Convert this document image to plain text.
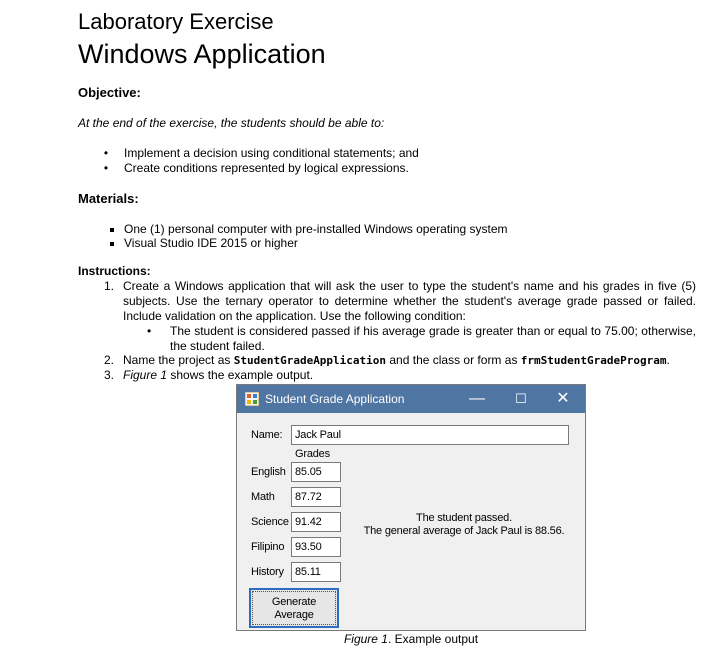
Laboratory Exercise
Windows Application
Objective:
At the end of the exercise, the students should be able to:
•	Implement a decision using conditional statements; and
•	Create conditions represented by logical expressions.
Materials:
One (1) personal computer with pre-installed Windows operating system
Visual Studio IDE 2015 or higher
Instructions:
1. Create a Windows application that will ask the user to type the student's name and his grades in five (5) subjects. Use the ternary operator to determine whether the student's average grade passed or failed. Include validation on the application. Use the following condition:
• The student is considered passed if his average grade is greater than or equal to 75.00; otherwise, the student failed.
2. Name the project as StudentGradeApplication and the class or form as frmStudentGradeProgram.
3. Figure 1 shows the example output.
Student Grade Application	—	☐	✕
Name:	Jack Paul
Grades
English 85.05
Math	87.72
Science 91.42
Filipino 93.50
History	85.11
The student passed.
The general average of Jack Paul is 88.56.
Generate
Average
Figure 1. Example output
